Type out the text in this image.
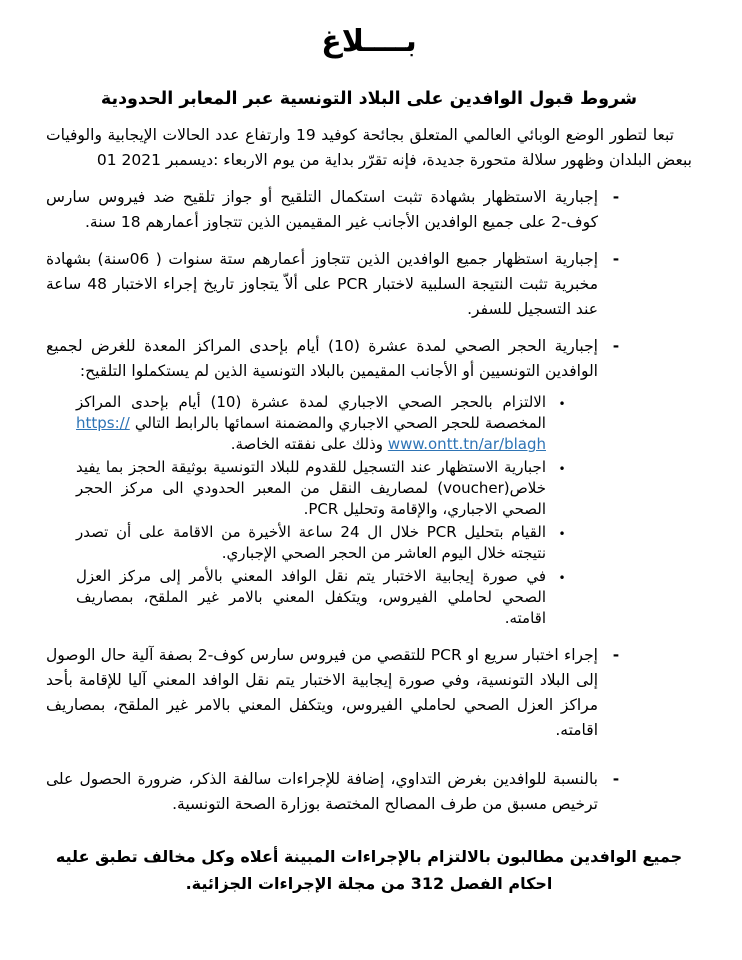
بــــلاغ
شروط قبول الوافدين على البلاد التونسية عبر المعابر الحدودية

تبعا لتطور الوضع الوبائي العالمي المتعلق بجائحة كوفيد 19 وارتفاع عدد الحالات الإيجابية والوفيات ببعض البلدان وظهور سلالة متحورة جديدة، فإنه تقرّر بداية من يوم الاربعاء 01 ديسمبر 2021:

-
إجبارية الاستظهار بشهادة تثبت استكمال التلقيح أو جواز تلقيح ضد فيروس سارس كوف-2 على جميع الوافدين الأجانب غير المقيمين الذين تتجاوز أعمارهم 18 سنة.
-
إجبارية استظهار جميع الوافدين الذين تتجاوز أعمارهم ستة سنوات ( 06سنة) بشهادة مخبرية تثبت النتيجة السلبية لاختبار PCR على ألاّ يتجاوز تاريخ إجراء الاختبار 48 ساعة عند التسجيل للسفر.
-
إجبارية الحجر الصحي لمدة عشرة (10) أيام بإحدى المراكز المعدة للغرض لجميع الوافدين التونسيين أو الأجانب المقيمين بالبلاد التونسية الذين لم يستكملوا التلقيح:
•
الالتزام بالحجر الصحي الاجباري لمدة عشرة (10) أيام بإحدى المراكز المخصصة للحجر الصحي الاجباري والمضمنة اسمائها بالرابط التالي https://www.ontt.tn/ar/blagh وذلك على نفقته الخاصة.
•
اجبارية الاستظهار عند التسجيل للقدوم للبلاد التونسية بوثيقة الحجز بما يفيد خلاص(voucher) لمصاريف النقل من المعبر الحدودي الى مركز الحجر الصحي الاجباري، والإقامة وتحليل PCR.
•
القيام بتحليل PCR خلال ال 24 ساعة الأخيرة من الاقامة على أن تصدر نتيجته خلال اليوم العاشر من الحجر الصحي الإجباري.
•
في صورة إيجابية الاختبار يتم نقل الوافد المعني بالأمر إلى مركز العزل الصحي لحاملي الفيروس، ويتكفل المعني بالامر غير الملقح، بمصاريف اقامته.
-
إجراء اختبار سريع او PCR للتقصي من فيروس سارس كوف-2 بصفة آلية حال الوصول إلى البلاد التونسية، وفي صورة إيجابية الاختبار يتم نقل الوافد المعني آليا للإقامة بأحد مراكز العزل الصحي لحاملي الفيروس، ويتكفل المعني بالامر غير الملقح، بمصاريف اقامته.
-
بالنسبة للوافدين بغرض التداوي، إضافة للإجراءات سالفة الذكر، ضرورة الحصول على ترخيص مسبق من طرف المصالح المختصة بوزارة الصحة التونسية.

جميع الوافدين مطالبون بالالتزام بالإجراءات المبينة أعلاه وكل مخالف تطبق عليه احكام الفصل 312 من مجلة الإجراءات الجزائية.
